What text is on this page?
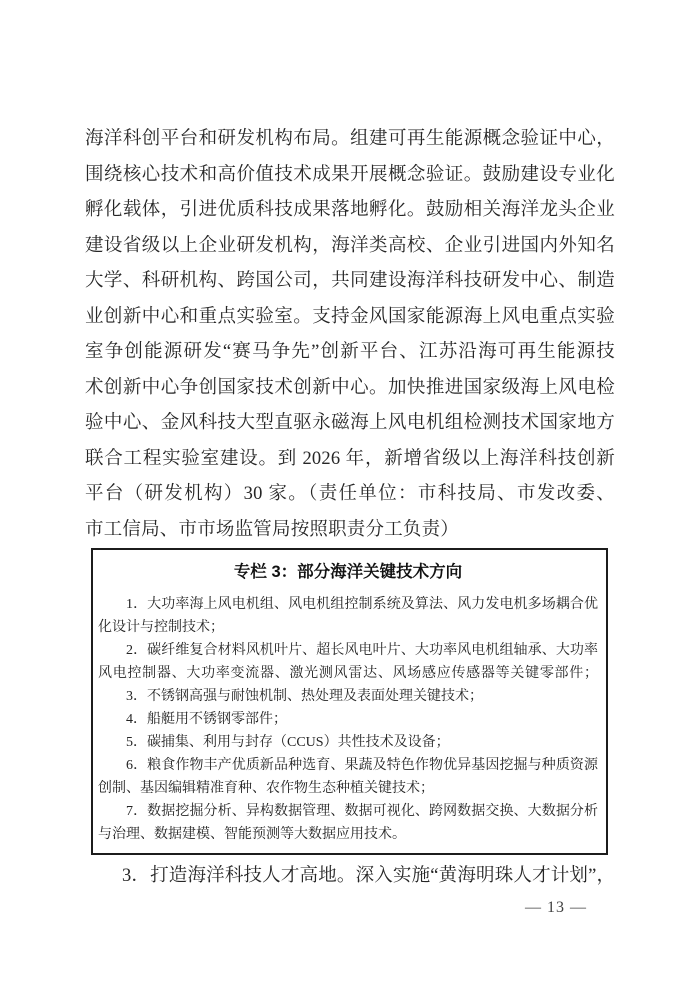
海洋科创平台和研发机构布局。组建可再生能源概念验证中心，
围绕核心技术和高价值技术成果开展概念验证。鼓励建设专业化
孵化载体，引进优质科技成果落地孵化。鼓励相关海洋龙头企业
建设省级以上企业研发机构，海洋类高校、企业引进国内外知名
大学、科研机构、跨国公司，共同建设海洋科技研发中心、制造
业创新中心和重点实验室。支持金风国家能源海上风电重点实验
室争创能源研发“赛马争先”创新平台、江苏沿海可再生能源技
术创新中心争创国家技术创新中心。加快推进国家级海上风电检
验中心、金风科技大型直驱永磁海上风电机组检测技术国家地方
联合工程实验室建设。到 2026 年，新增省级以上海洋科技创新
平台（研发机构）30 家。（责任单位：市科技局、市发改委、
市工信局、市市场监管局按照职责分工负责）
专栏 3：部分海洋关键技术方向
1．大功率海上风电机组、风电机组控制系统及算法、风力发电机多场耦合优
化设计与控制技术；
2．碳纤维复合材料风机叶片、超长风电叶片、大功率风电机组轴承、大功率
风电控制器、大功率变流器、激光测风雷达、风场感应传感器等关键零部件；
3．不锈钢高强与耐蚀机制、热处理及表面处理关键技术；
4．船艇用不锈钢零部件；
5．碳捕集、利用与封存（CCUS）共性技术及设备；
6．粮食作物丰产优质新品种选育、果蔬及特色作物优异基因挖掘与种质资源
创制、基因编辑精准育种、农作物生态种植关键技术；
7．数据挖掘分析、异构数据管理、数据可视化、跨网数据交换、大数据分析
与治理、数据建模、智能预测等大数据应用技术。
3．打造海洋科技人才高地。深入实施“黄海明珠人才计划”，
— 13 —
